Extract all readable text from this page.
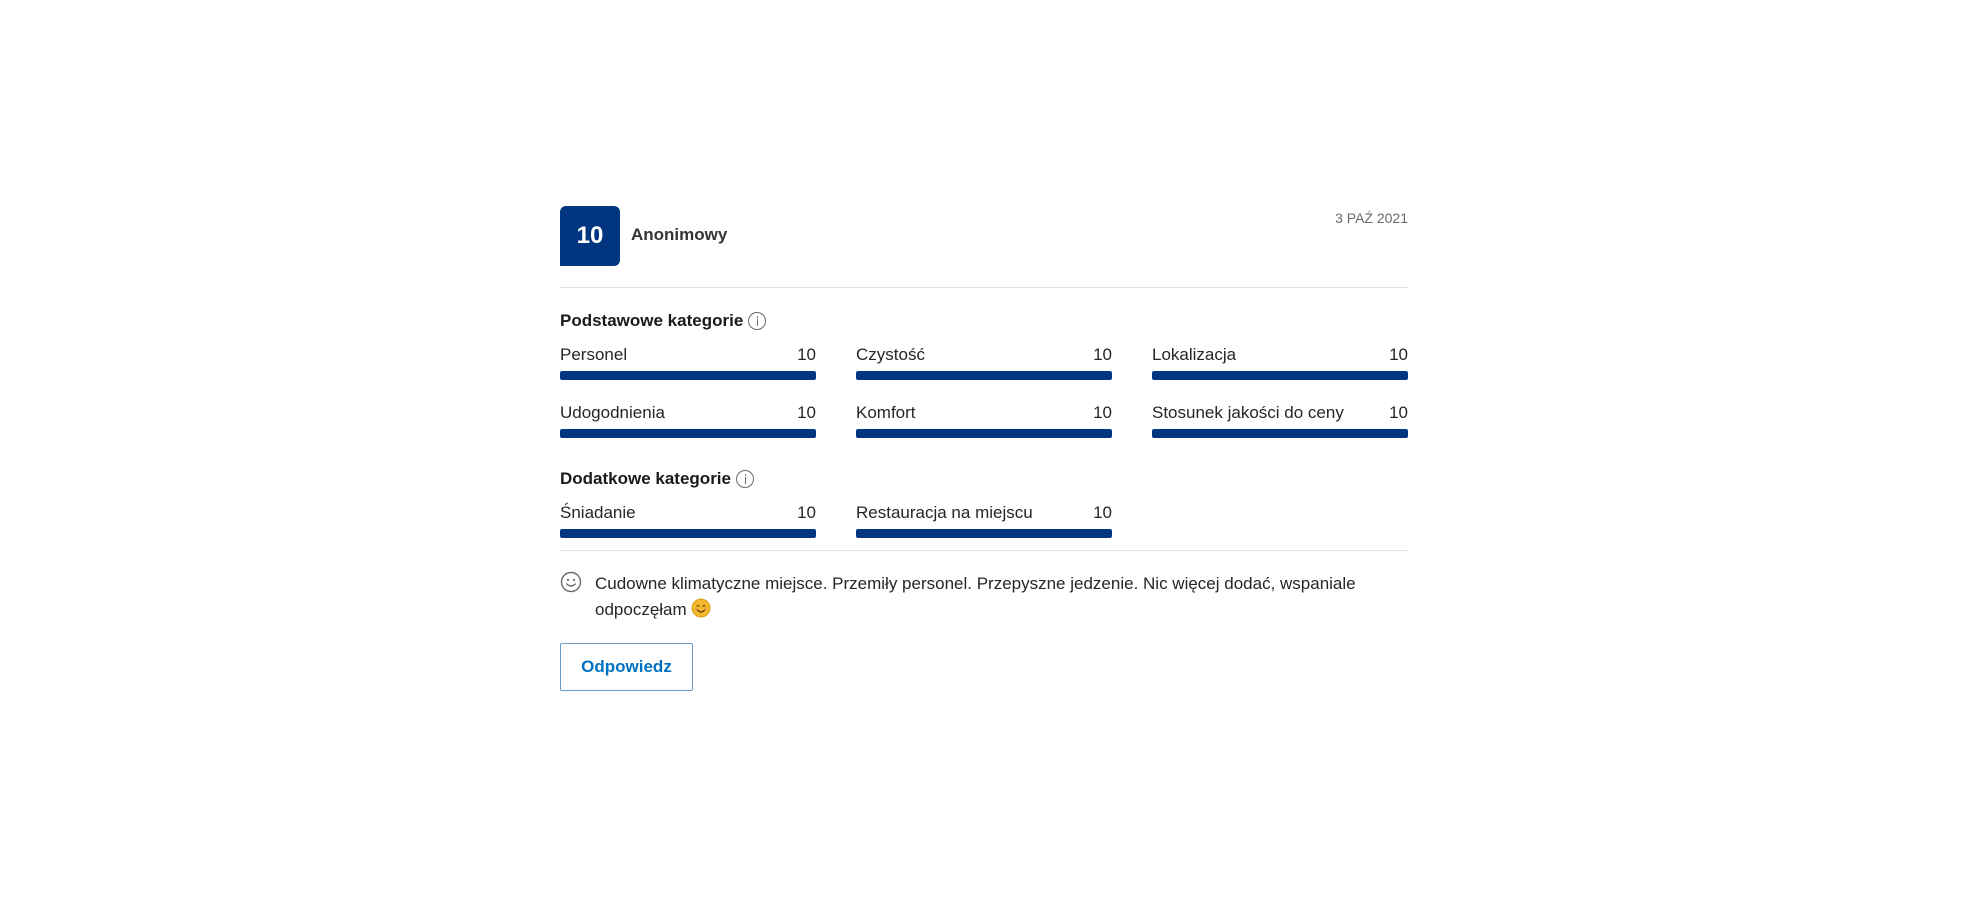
10	Anonimowy
3 PAŹ 2021
Podstawowe kategorie
Personel	10 Czystość	10 Lokalizacja	10
Udogodnienia	10 Komfort	10 Stosunek jakości do ceny	10
Dodatkowe kategorie
Śniadanie	10 Restauracja na miejscu	10
Cudowne klimatyczne miejsce. Przemiły personel. Przepyszne jedzenie. Nic więcej dodać, wspaniale odpoczęłam
Odpowiedz
